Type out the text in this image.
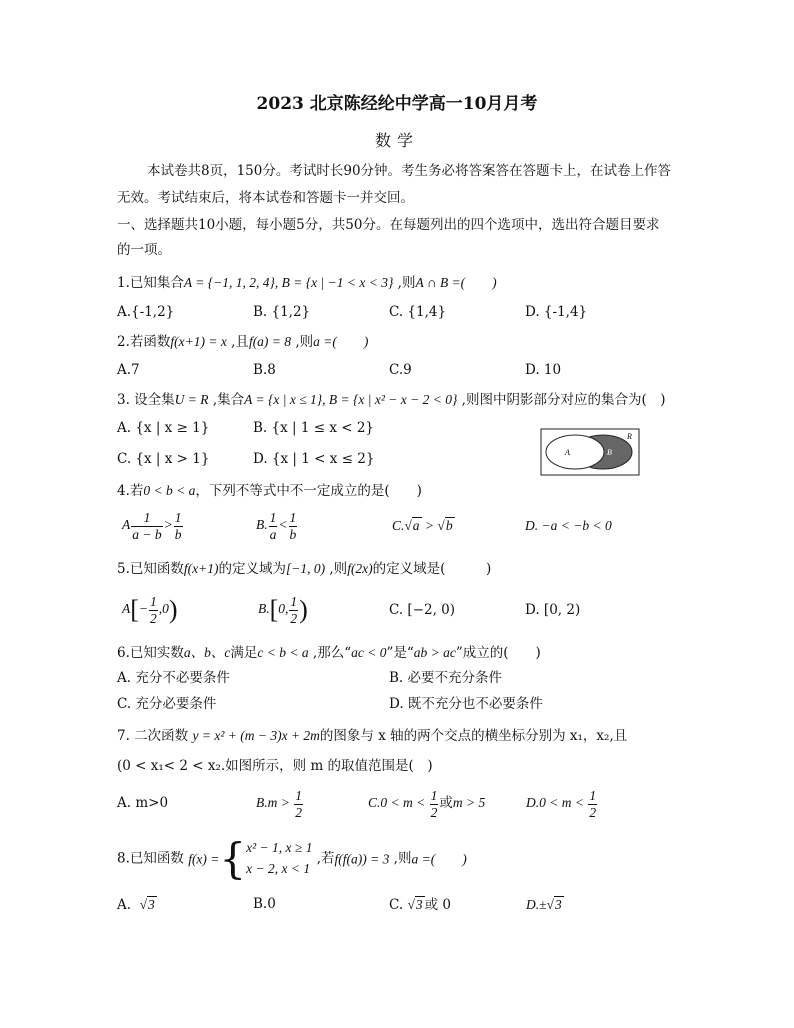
2023 北京陈经纶中学高一10月月考
数学
本试卷共8页，150分。考试时长90分钟。考生务必将答案答在答题卡上，在试卷上作答
无效。考试结束后，将本试卷和答题卡一并交回。
一、选择题共10小题，每小题5分，共50分。在每题列出的四个选项中，选出符合题目要求
的一项。
1.已知集合A = {−1, 1, 2, 4}, B = {x | −1 < x < 3} ,则A ∩ B =(　　)
A.{-1,2}	B. {1,2}	C. {1,4}	D. {-1,4}
2.若函数f(x+1) = x ,且f(a) = 8 ,则a =(　　)
A.7	B.8	C.9	D. 10
3. 设全集U = R ,集合A = {x | x ≤ 1}, B = {x | x² − x − 2 < 0} ,则图中阴影部分对应的集合为(　)
A. {x | x ≥ 1}	B. {x | 1 ≤ x < 2}
C. {x | x > 1}	D. {x | 1 < x ≤ 2}	A	B
R
4.若0 < b < a，下列不等式中不一定成立的是(　　)
A $\frac{1}{a - b} > \frac{1}{b}$	B. $\frac{1}{a} < \frac{1}{b}$	C.√a > √b	D. −a < −b < 0
5.已知函数f(x+1)的定义域为[−1, 0) ,则f(2x)的定义域是(　　　)
$A[- \frac{1}{2} ,0)$	B.[0, $\frac{1}{2}$ )	C. [−2, 0)	D. [0, 2)
6.已知实数a、b、c满足c < b < a ,那么“ac < 0”是“ab > ac”成立的(　　)
A. 充分不必要条件	B. 必要不充分条件
C. 充分必要条件	D. 既不充分也不必要条件
7. 二次函数 y = x² + (m − 3)x + 2m的图象与 x 轴的两个交点的横坐标分别为 x₁，x₂,且
(0 < x₁< 2 < x₂.如图所示，则 m 的取值范围是(　)
A. m>0	$B.m > \frac{1}{2}$	$C.0 < m < \frac{1}{2}$ 或m > 5	$D.0 < m < \frac{1}{2}$
8.已知函数 f(x) ={ x² − 1, x ≥ 1
x − 2, x < 1
,若f(f(a)) = 3 ,则a =(　　)
A.  √3	B.0	C. √3 或 0	D.±√3
